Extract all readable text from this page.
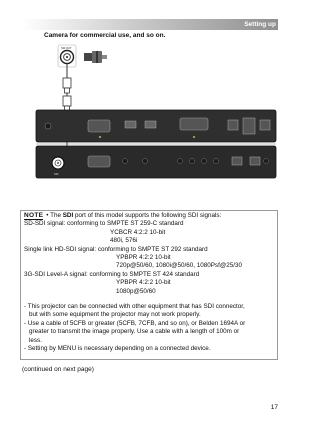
Setting up
Camera for commercial use, and so on.
SDI OUT
SDI
NOTE • The SDI port of this model supports the following SDI signals:
SD-SDI signal: conforming to SMPTE ST 259-C standard
YCBCR 4:2:2 10-bit
480i, 576i
Single link HD-SDI signal: conforming to SMPTE ST 292 standard
YPBPR 4:2:2 10-bit
720p@50/60, 1080i@50/60, 1080Psf@25/30
3G-SDI Level-A signal: conforming to SMPTE ST 424 standard
YPBPR 4:2:2 10-bit
1080p@50/60
- This projector can be connected with other equipment that has SDI connector,
but with some equipment the projector may not work properly.
- Use a cable of 5CFB or greater (5CFB, 7CFB, and so on), or Belden 1694A or
greater to transmit the image properly. Use a cable with a length of 100m or
less.
- Setting by MENU is necessary depending on a connected device.
(continued on next page)
17
